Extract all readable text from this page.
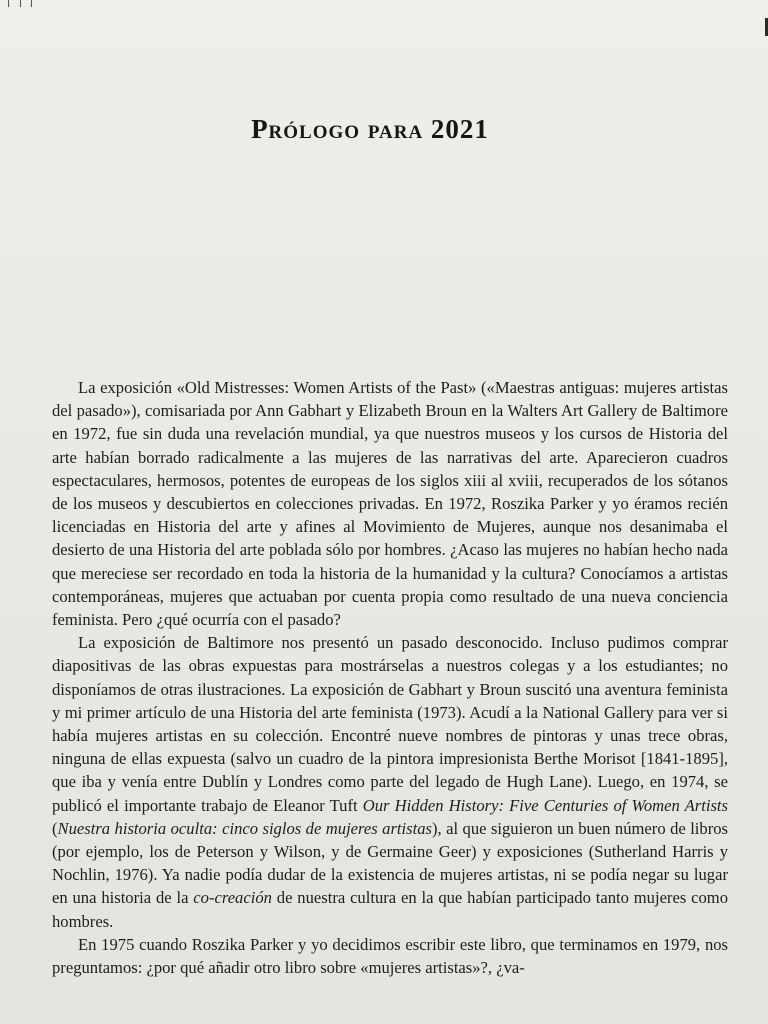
Prólogo para 2021

La exposición «Old Mistresses: Women Artists of the Past» («Maestras antiguas: mujeres artistas del pasado»), comisariada por Ann Gabhart y Elizabeth Broun en la Walters Art Gallery de Baltimore en 1972, fue sin duda una revelación mundial, ya que nuestros museos y los cursos de Historia del arte habían borrado radicalmente a las mujeres de las narrativas del arte. Aparecieron cuadros espectaculares, hermosos, potentes de europeas de los siglos xiii al xviii, recuperados de los sótanos de los museos y descubiertos en colecciones privadas. En 1972, Roszika Parker y yo éramos recién licenciadas en Historia del arte y afines al Movimiento de Mujeres, aunque nos desanimaba el desierto de una Historia del arte poblada sólo por hombres. ¿Acaso las mujeres no habían hecho nada que mereciese ser recordado en toda la historia de la humanidad y la cultura? Conocíamos a artistas contemporáneas, mujeres que actuaban por cuenta propia como resultado de una nueva conciencia feminista. Pero ¿qué ocurría con el pasado?

La exposición de Baltimore nos presentó un pasado desconocido. Incluso pudimos comprar diapositivas de las obras expuestas para mostrárselas a nuestros colegas y a los estudiantes; no disponíamos de otras ilustraciones. La exposición de Gabhart y Broun suscitó una aventura feminista y mi primer artículo de una Historia del arte feminista (1973). Acudí a la National Gallery para ver si había mujeres artistas en su colección. Encontré nueve nombres de pintoras y unas trece obras, ninguna de ellas expuesta (salvo un cuadro de la pintora impresionista Berthe Morisot [1841-1895], que iba y venía entre Dublín y Londres como parte del legado de Hugh Lane). Luego, en 1974, se publicó el importante trabajo de Eleanor Tuft Our Hidden History: Five Centuries of Women Artists (Nuestra historia oculta: cinco siglos de mujeres artistas), al que siguieron un buen número de libros (por ejemplo, los de Peterson y Wilson, y de Germaine Geer) y exposiciones (Sutherland Harris y Nochlin, 1976). Ya nadie podía dudar de la existencia de mujeres artistas, ni se podía negar su lugar en una historia de la co-creación de nuestra cultura en la que habían participado tanto mujeres como hombres.

En 1975 cuando Roszika Parker y yo decidimos escribir este libro, que terminamos en 1979, nos preguntamos: ¿por qué añadir otro libro sobre «mujeres artistas»?, ¿va-
